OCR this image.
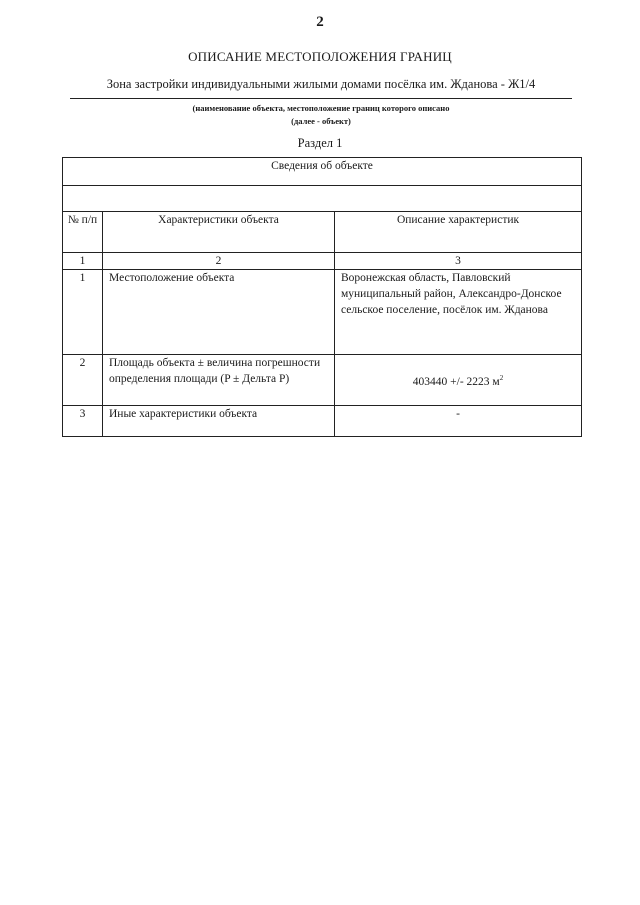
2
ОПИСАНИЕ МЕСТОПОЛОЖЕНИЯ ГРАНИЦ
Зона застройки индивидуальными жилыми домами посёлка им. Жданова - Ж1/4
(наименование объекта, местоположение границ которого описано
(далее - объект)
Раздел 1
Сведения об объекте		

№ п/п	Характеристики объекта	Описание характеристик
1	2	3
1	Местоположение объекта	Воронежская область, Павловский муниципальный район, Александро-Донское сельское поселение, посёлок им. Жданова
2	Площадь объекта ± величина погрешности определения площади (P ± Дельта P)	403440 +/- 2223 $м^2$
3	Иные характеристики объекта	-
